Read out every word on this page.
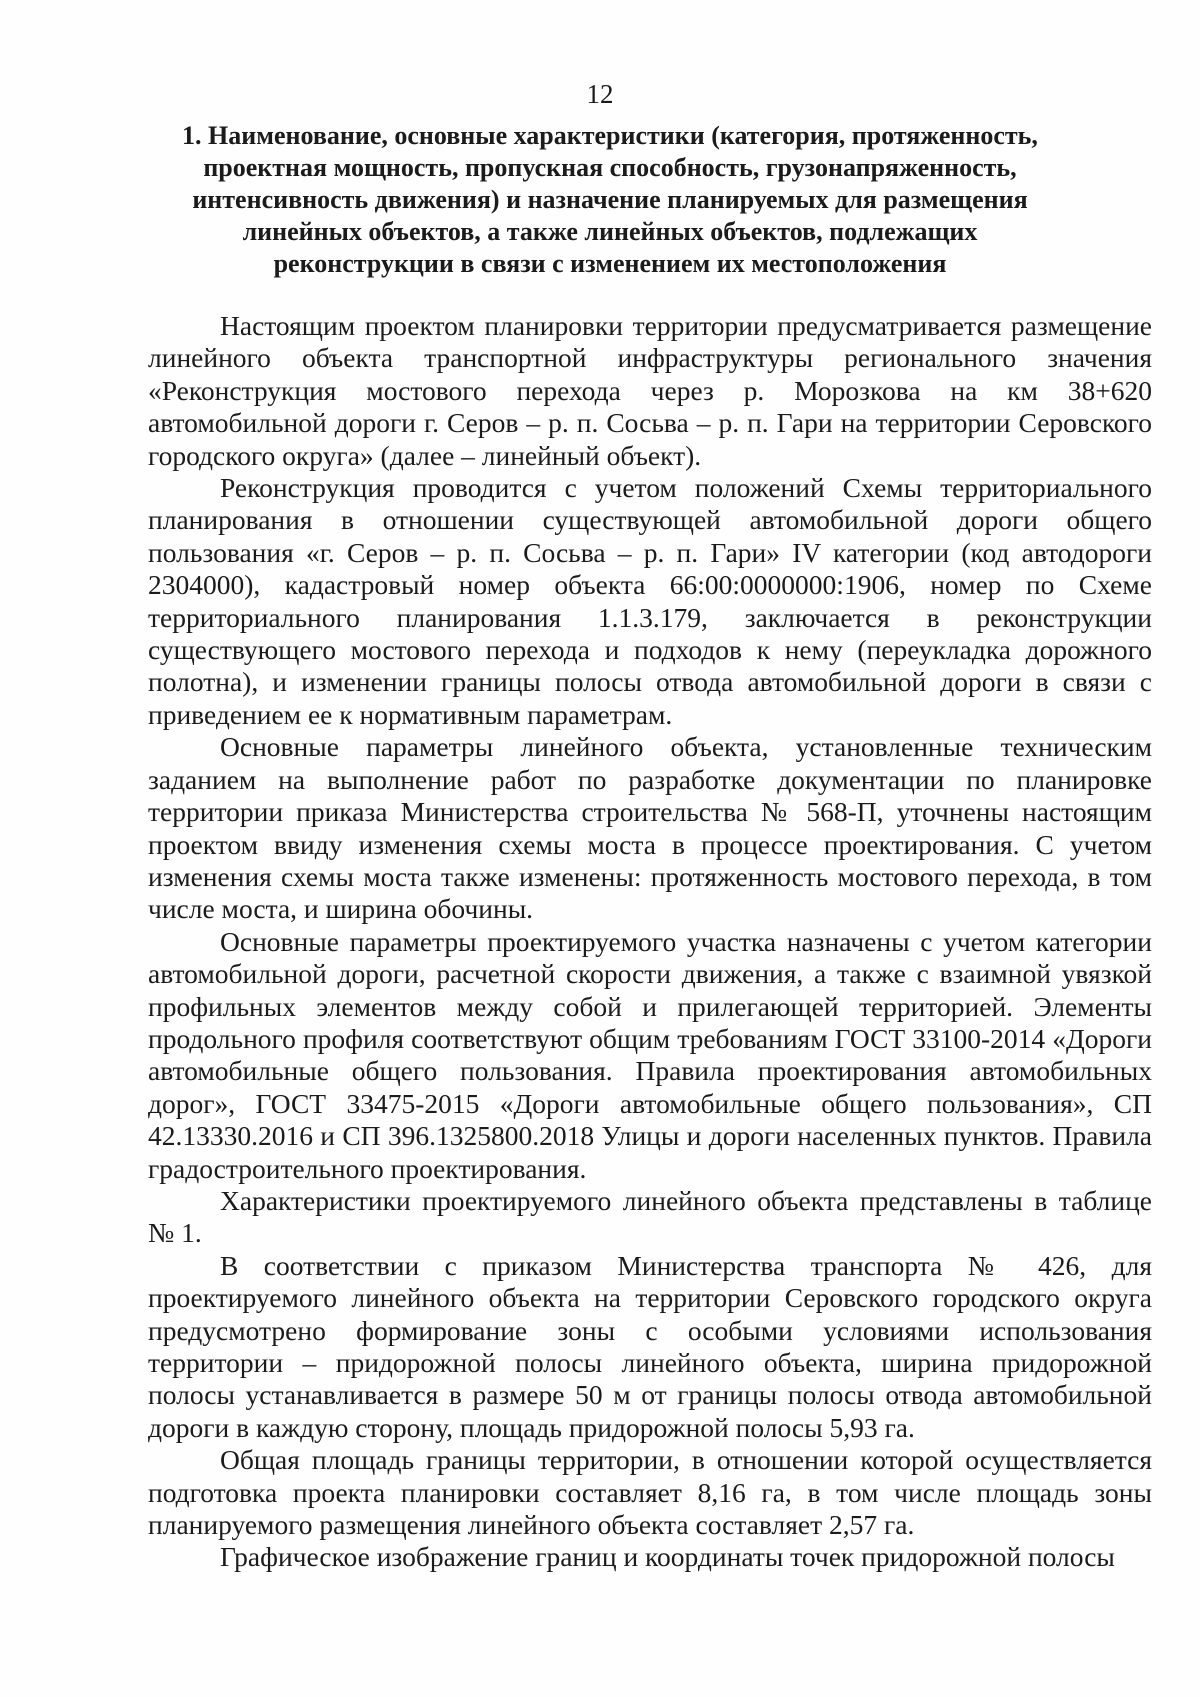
12
1. Наименование, основные характеристики (категория, протяженность, проектная мощность, пропускная способность, грузонапряженность, интенсивность движения) и назначение планируемых для размещения линейных объектов, а также линейных объектов, подлежащих реконструкции в связи с изменением их местоположения

Настоящим проектом планировки территории предусматривается размещение линейного объекта транспортной инфраструктуры регионального значения «Реконструкция мостового перехода через р. Морозкова на км 38+620 автомобильной дороги г. Серов – р. п. Сосьва – р. п. Гари на территории Серовского городского округа» (далее – линейный объект).

Реконструкция проводится с учетом положений Схемы территориального планирования в отношении существующей автомобильной дороги общего пользования «г. Серов – р. п. Сосьва – р. п. Гари» IV категории (код автодороги 2304000), кадастровый номер объекта 66:00:0000000:1906, номер по Схеме территориального планирования 1.1.3.179, заключается в реконструкции существующего мостового перехода и подходов к нему (переукладка дорожного полотна), и изменении границы полосы отвода автомобильной дороги в связи с приведением ее к нормативным параметрам.

Основные параметры линейного объекта, установленные техническим заданием на выполнение работ по разработке документации по планировке территории приказа Министерства строительства № 568-П, уточнены настоящим проектом ввиду изменения схемы моста в процессе проектирования. С учетом изменения схемы моста также изменены: протяженность мостового перехода, в том числе моста, и ширина обочины.

Основные параметры проектируемого участка назначены с учетом категории автомобильной дороги, расчетной скорости движения, а также с взаимной увязкой профильных элементов между собой и прилегающей территорией. Элементы продольного профиля соответствуют общим требованиям ГОСТ 33100-2014 «Дороги автомобильные общего пользования. Правила проектирования автомобильных дорог», ГОСТ 33475-2015 «Дороги автомобильные общего пользования», СП 42.13330.2016 и СП 396.1325800.2018 Улицы и дороги населенных пунктов. Правила градостроительного проектирования.

Характеристики проектируемого линейного объекта представлены в таблице № 1.

В соответствии с приказом Министерства транспорта № 426, для проектируемого линейного объекта на территории Серовского городского округа предусмотрено формирование зоны с особыми условиями использования территории – придорожной полосы линейного объекта, ширина придорожной полосы устанавливается в размере 50 м от границы полосы отвода автомобильной дороги в каждую сторону, площадь придорожной полосы 5,93 га.

Общая площадь границы территории, в отношении которой осуществляется подготовка проекта планировки составляет 8,16 га, в том числе площадь зоны планируемого размещения линейного объекта составляет 2,57 га.

Графическое изображение границ и координаты точек придорожной полосы
